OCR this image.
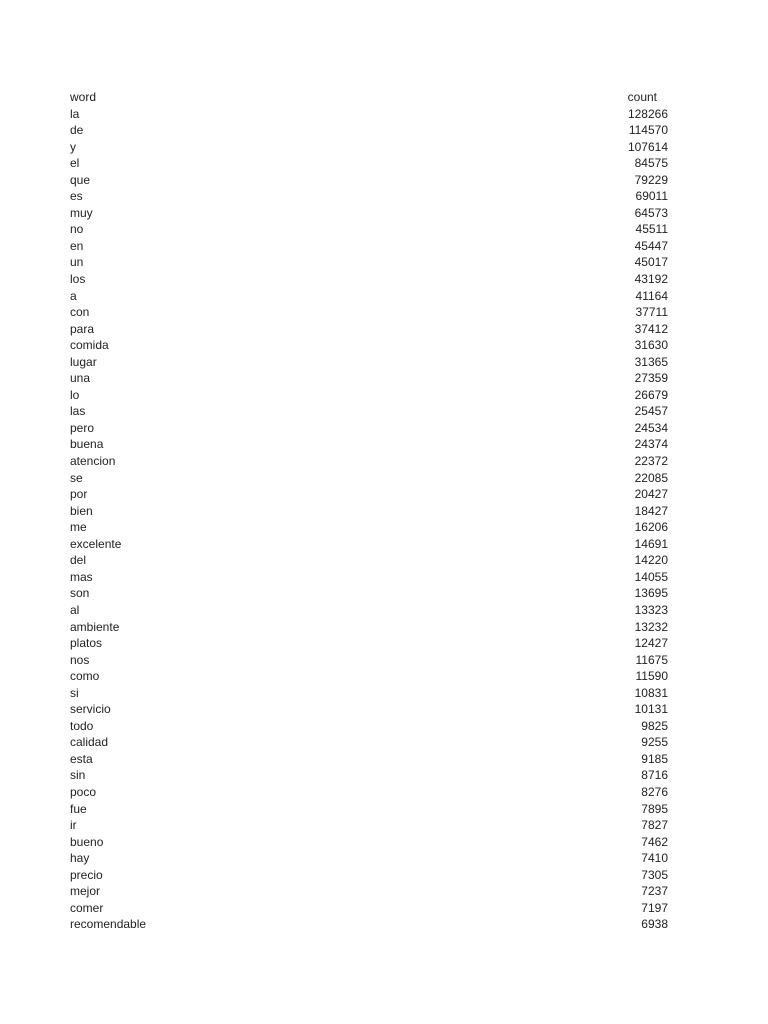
word	count
la	128266
de	114570
y	107614
el	84575
que	79229
es	69011
muy	64573
no	45511
en	45447
un	45017
los	43192
a	41164
con	37711
para	37412
comida	31630
lugar	31365
una	27359
lo	26679
las	25457
pero	24534
buena	24374
atencion	22372
se	22085
por	20427
bien	18427
me	16206
excelente	14691
del	14220
mas	14055
son	13695
al	13323
ambiente	13232
platos	12427
nos	11675
como	11590
si	10831
servicio	10131
todo	9825
calidad	9255
esta	9185
sin	8716
poco	8276
fue	7895
ir	7827
bueno	7462
hay	7410
precio	7305
mejor	7237
comer	7197
recomendable	6938
